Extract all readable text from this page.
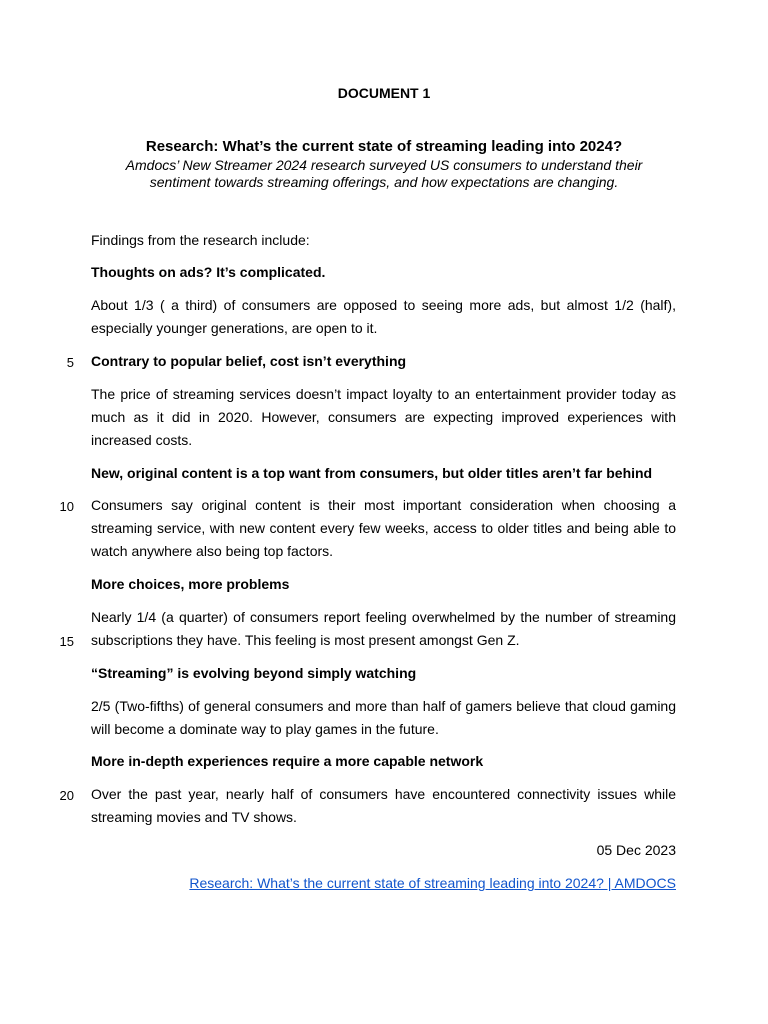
DOCUMENT 1
Research: What’s the current state of streaming leading into 2024?
Amdocs’ New Streamer 2024 research surveyed US consumers to understand their sentiment towards streaming offerings, and how expectations are changing.
Findings from the research include:
Thoughts on ads? It’s complicated.
About 1/3 ( a third) of consumers are opposed to seeing more ads, but almost 1/2 (half), especially younger generations, are open to it.
5 Contrary to popular belief, cost isn’t everything
The price of streaming services doesn’t impact loyalty to an entertainment provider today as much as it did in 2020. However, consumers are expecting improved experiences with increased costs.
New, original content is a top want from consumers, but older titles aren’t far behind
10 Consumers say original content is their most important consideration when choosing a streaming service, with new content every few weeks, access to older titles and being able to watch anywhere also being top factors.
More choices, more problems
Nearly 1/4 (a quarter) of consumers report feeling overwhelmed by the number of streaming subscriptions they have. This feeling is most present amongst Gen Z.
15
“Streaming” is evolving beyond simply watching
2/5 (Two-fifths) of general consumers and more than half of gamers believe that cloud gaming will become a dominate way to play games in the future.
More in-depth experiences require a more capable network
20 Over the past year, nearly half of consumers have encountered connectivity issues while streaming movies and TV shows.
05 Dec 2023
Research: What’s the current state of streaming leading into 2024? | AMDOCS
